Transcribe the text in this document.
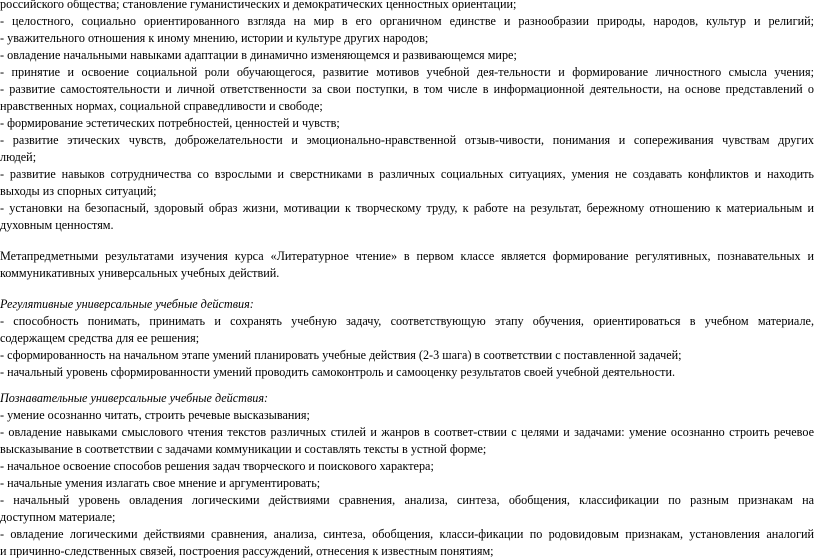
российского общества; становление гуманистических и демократических ценностных ориентации;
- целостного, социально ориентированного взгляда на мир в его органичном единстве и разнообразии природы, народов, культур и религий;
- уважительного отношения к иному мнению, истории и культуре других народов;
- овладение начальными навыками адаптации в динамично изменяющемся и развивающемся мире;
- принятие и освоение социальной роли обучающегося, развитие мотивов учебной дея-тельности и формирование личностного смысла учения;
- развитие самостоятельности и личной ответственности за свои поступки, в том числе в информационной деятельности, на основе представлений о
нравственных нормах, социальной справедливости и свободе;
- формирование эстетических потребностей, ценностей и чувств;
- развитие этических чувств, доброжелательности и эмоционально-нравственной отзыв-чивости, понимания и сопереживания чувствам других
людей;
- развитие навыков сотрудничества со взрослыми и сверстниками в различных социальных ситуациях, умения не создавать конфликтов и находить
выходы из спорных ситуаций;
- установки на безопасный, здоровый образ жизни, мотивации к творческому труду, к работе на результат, бережному отношению к материальным и
духовным ценностям.
Метапредметными результатами изучения курса «Литературное чтение» в первом классе является формирование регулятивных, познавательных и
коммуникативных универсальных учебных действий.
Регулятивные универсальные учебные действия:
- способность понимать, принимать и сохранять учебную задачу, соответствующую этапу обучения, ориентироваться в учебном материале,
содержащем средства для ее решения;
- сформированность на начальном этапе умений планировать учебные действия (2-3 шага) в соответствии с поставленной задачей;
- начальный уровень сформированности умений проводить самоконтроль и самооценку результатов своей учебной деятельности.
Познавательные универсальные учебные действия:
- умение осознанно читать, строить речевые высказывания;
- овладение навыками смыслового чтения текстов различных стилей и жанров в соответ-ствии с целями и задачами: умение осознанно строить речевое
высказывание в соответствии с задачами коммуникации и составлять тексты в устной форме;
- начальное освоение способов решения задач творческого и поискового характера;
- начальные умения излагать свое мнение и аргументировать;
- начальный уровень овладения логическими действиями сравнения, анализа, синтеза, обобщения, классификации по разным признакам на
доступном материале;
- овладение логическими действиями сравнения, анализа, синтеза, обобщения, класси-фикации по родовидовым признакам, установления аналогий
и причинно-следственных связей, построения рассуждений, отнесения к известным понятиям;
